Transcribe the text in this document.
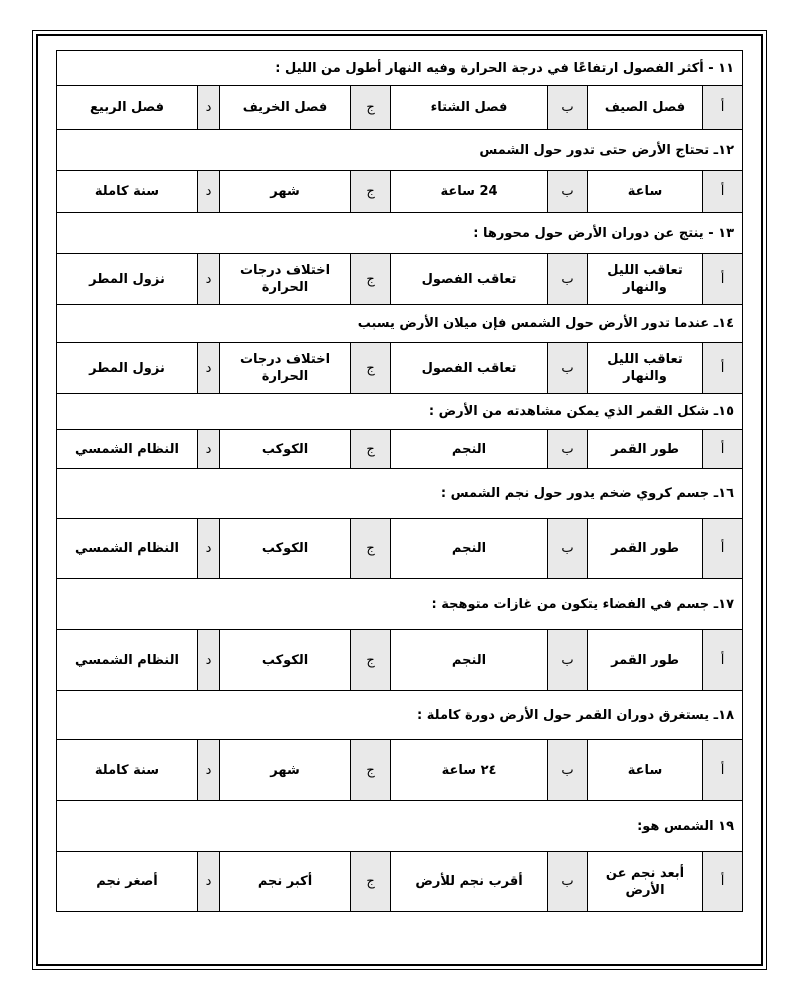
١١ - أكثر الفصول ارتفاعًا في درجة الحرارة وفيه النهار أطول من الليل :							
أ	فصل الصيف	ب	فصل الشتاء	ج	فصل الخريف	د	فصل الربيع
١٢ـ تحتاج الأرض حتى تدور حول الشمس							
أ	ساعة	ب	24 ساعة	ج	شهر	د	سنة كاملة
١٣ - ينتج عن دوران الأرض حول محورها :							
أ	تعاقب الليل والنهار	ب	تعاقب الفصول	ج	اختلاف درجات الحرارة	د	نزول المطر
١٤ـ عندما تدور الأرض حول الشمس فإن ميلان الأرض يسبب							
أ	تعاقب الليل والنهار	ب	تعاقب الفصول	ج	اختلاف درجات الحرارة	د	نزول المطر
١٥ـ شكل القمر الذي يمكن مشاهدته من الأرض :							
أ	طور القمر	ب	النجم	ج	الكوكب	د	النظام الشمسي
١٦ـ جسم كروي ضخم يدور حول نجم الشمس :							
أ	طور القمر	ب	النجم	ج	الكوكب	د	النظام الشمسي
١٧ـ جسم في الفضاء يتكون من غازات متوهجة :							
أ	طور القمر	ب	النجم	ج	الكوكب	د	النظام الشمسي
١٨ـ يستغرق دوران القمر حول الأرض دورة كاملة :							
أ	ساعة	ب	٢٤ ساعة	ج	شهر	د	سنة كاملة
١٩ الشمس هو:							
أ	أبعد نجم عن الأرض	ب	أقرب نجم للأرض	ج	أكبر نجم	د	أصغر نجم
